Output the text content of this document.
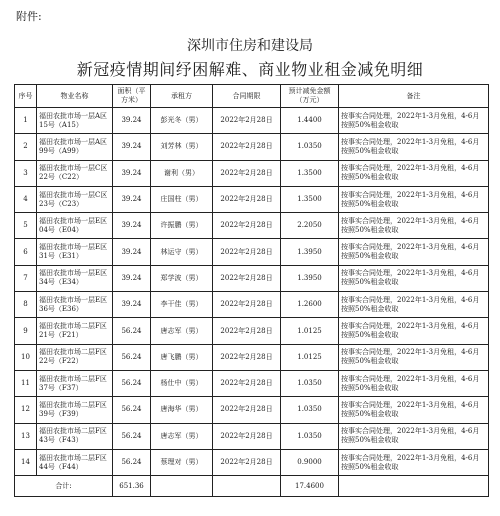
附件:
深圳市住房和建设局
新冠疫情期间纾困解难、商业物业租金减免明细
序号	物业名称	面积（平方米）	承租方	合同期限	预计减免金额（万元）	备注
1	福田农批市场一层A区15号（A15）	39.24	彭光冬（男）	2022年2月28日	1.4400	按事实合同处理，2022年1-3月免租，4-6月按照50%租金收取
2	福田农批市场一层A区99号（A99）	39.24	刘芳林（男）	2022年2月28日	1.0350	按事实合同处理，2022年1-3月免租，4-6月按照50%租金收取
3	福田农批市场一层C区22号（C22）	39.24	谢利（男）	2022年2月28日	1.3500	按事实合同处理，2022年1-3月免租，4-6月按照50%租金收取
4	福田农批市场一层C区23号（C23）	39.24	庄国柱（男）	2022年2月28日	1.3500	按事实合同处理，2022年1-3月免租，4-6月按照50%租金收取
5	福田农批市场一层E区04号（E04）	39.24	许振鹏（男）	2022年2月28日	2.2050	按事实合同处理，2022年1-3月免租，4-6月按照50%租金收取
6	福田农批市场一层E区31号（E31）	39.24	林运守（男）	2022年2月28日	1.3950	按事实合同处理，2022年1-3月免租，4-6月按照50%租金收取
7	福田农批市场一层E区34号（E34）	39.24	郑学波（男）	2022年2月28日	1.3950	按事实合同处理，2022年1-3月免租，4-6月按照50%租金收取
8	福田农批市场一层E区36号（E36）	39.24	李干佳（男）	2022年2月28日	1.2600	按事实合同处理，2022年1-3月免租，4-6月按照50%租金收取
9	福田农批市场二层F区21号（F21）	56.24	唐志军（男）	2022年2月28日	1.0125	按事实合同处理，2022年1-3月免租，4-6月按照50%租金收取
10	福田农批市场二层F区22号（F22）	56.24	唐飞鹏（男）	2022年2月28日	1.0125	按事实合同处理，2022年1-3月免租，4-6月按照50%租金收取
11	福田农批市场二层F区37号（F37）	56.24	杨仕中（男）	2022年2月28日	1.0350	按事实合同处理，2022年1-3月免租，4-6月按照50%租金收取
12	福田农批市场二层F区39号（F39）	56.24	唐海华（男）	2022年2月28日	1.0350	按事实合同处理，2022年1-3月免租，4-6月按照50%租金收取
13	福田农批市场二层F区43号（F43）	56.24	唐志军（男）	2022年2月28日	1.0350	按事实合同处理，2022年1-3月免租，4-6月按照50%租金收取
14	福田农批市场二层F区44号（F44）	56.24	蔡理对（男）	2022年2月28日	0.9000	按事实合同处理，2022年1-3月免租，4-6月按照50%租金收取
合计:		651.36			17.4600	
